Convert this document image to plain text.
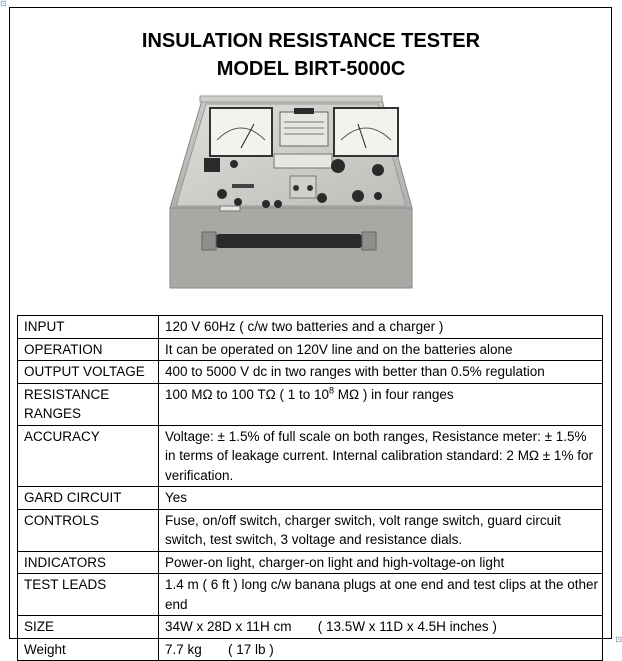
⊡
⊡
INSULATION RESISTANCE TESTER
MODEL BIRT-5000C
INPUT	120 V 60Hz ( c/w two batteries and a charger )
OPERATION	It can be operated on 120V line and on the batteries alone
OUTPUT VOLTAGE	400 to 5000 V dc in two ranges with better than 0.5% regulation
RESISTANCE RANGES	100 MΩ to 100 TΩ ( 1 to $10^8$ MΩ ) in four ranges
ACCURACY	Voltage: ± 1.5% of full scale on both ranges, Resistance meter: ± 1.5% in terms of leakage current. Internal calibration standard: 2 MΩ ± 1% for verification.
GARD CIRCUIT	Yes
CONTROLS	Fuse, on/off switch, charger switch, volt range switch, guard circuit switch, test switch, 3 voltage and resistance dials.
INDICATORS	Power-on light, charger-on light and high-voltage-on light
TEST LEADS	1.4 m ( 6 ft ) long c/w banana plugs at one end and test clips at the other end
SIZE	34W x 28D x 11H cm       ( 13.5W x 11D x 4.5H inches )
Weight	7.7 kg       ( 17 lb )
